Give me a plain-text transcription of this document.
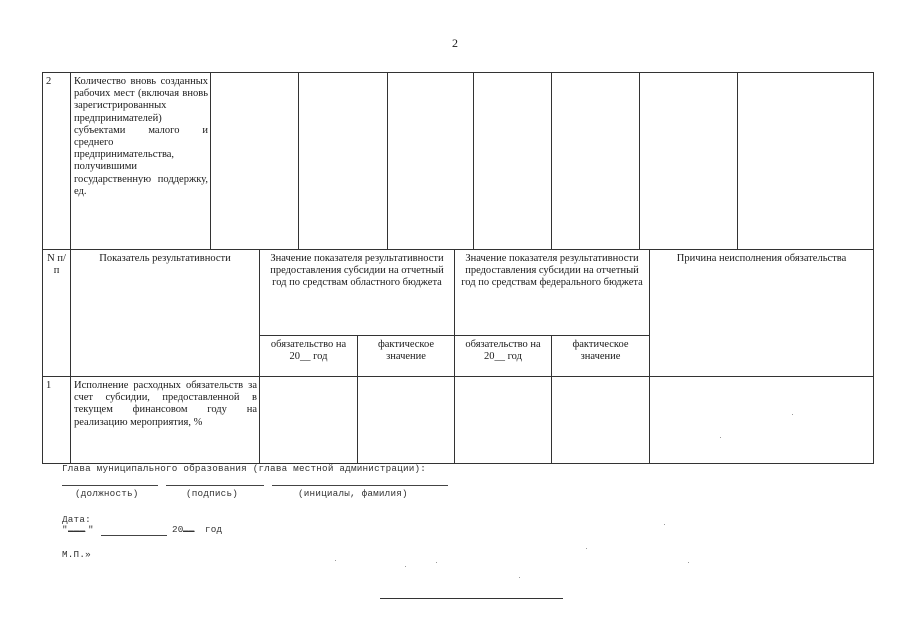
2
2	Количество вновь созданных рабочих мест (включая вновь зарегистрированных предпринимателей) субъектами малого и среднего предпринимательства, получившими государственную поддержку, ед.							
N п/п	Показатель результативности	Значение показателя результативности предоставления субсидии на отчетный год по средствам областного бюджета		Значение показателя результативности предоставления субсидии на отчетный год по средствам федерального бюджета		Причина неисполнения обязательства
		обязательство на 20__ год	фактическое значение	обязательство на 20__ год	фактическое значение	
1	Исполнение расходных обязательств за счет субсидии, предоставленной в текущем финансовом году на реализацию мероприятия, %					
Глава муниципального образования (глава местной администрации):
(должность)	(подпись)	(инициалы, фамилия)
Дата:
" ___ "	20 __ год
М.П.»
